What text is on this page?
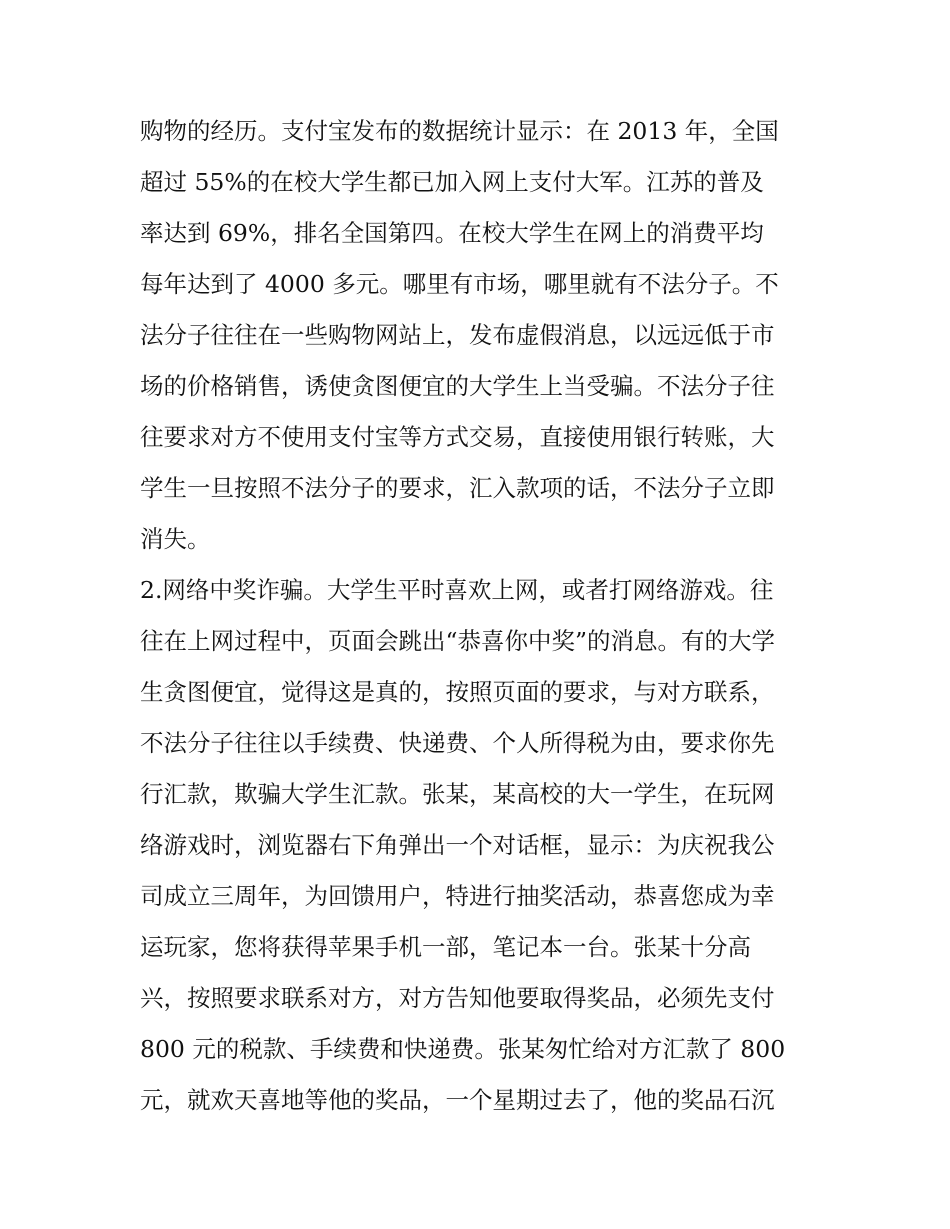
购物的经历。支付宝发布的数据统计显示：在 2013 年，全国
超过 55%的在校大学生都已加入网上支付大军。江苏的普及
率达到 69%，排名全国第四。在校大学生在网上的消费平均
每年达到了 4000 多元。哪里有市场，哪里就有不法分子。不
法分子往往在一些购物网站上，发布虚假消息，以远远低于市
场的价格销售，诱使贪图便宜的大学生上当受骗。不法分子往
往要求对方不使用支付宝等方式交易，直接使用银行转账，大
学生一旦按照不法分子的要求，汇入款项的话，不法分子立即
消失。
2.网络中奖诈骗。大学生平时喜欢上网，或者打网络游戏。往
往在上网过程中，页面会跳出“恭喜你中奖”的消息。有的大学
生贪图便宜，觉得这是真的，按照页面的要求，与对方联系，
不法分子往往以手续费、快递费、个人所得税为由，要求你先
行汇款，欺骗大学生汇款。张某，某高校的大一学生，在玩网
络游戏时，浏览器右下角弹出一个对话框，显示：为庆祝我公
司成立三周年，为回馈用户，特进行抽奖活动，恭喜您成为幸
运玩家，您将获得苹果手机一部，笔记本一台。张某十分高
兴，按照要求联系对方，对方告知他要取得奖品，必须先支付
800 元的税款、手续费和快递费。张某匆忙给对方汇款了 800
元，就欢天喜地等他的奖品，一个星期过去了，他的奖品石沉
